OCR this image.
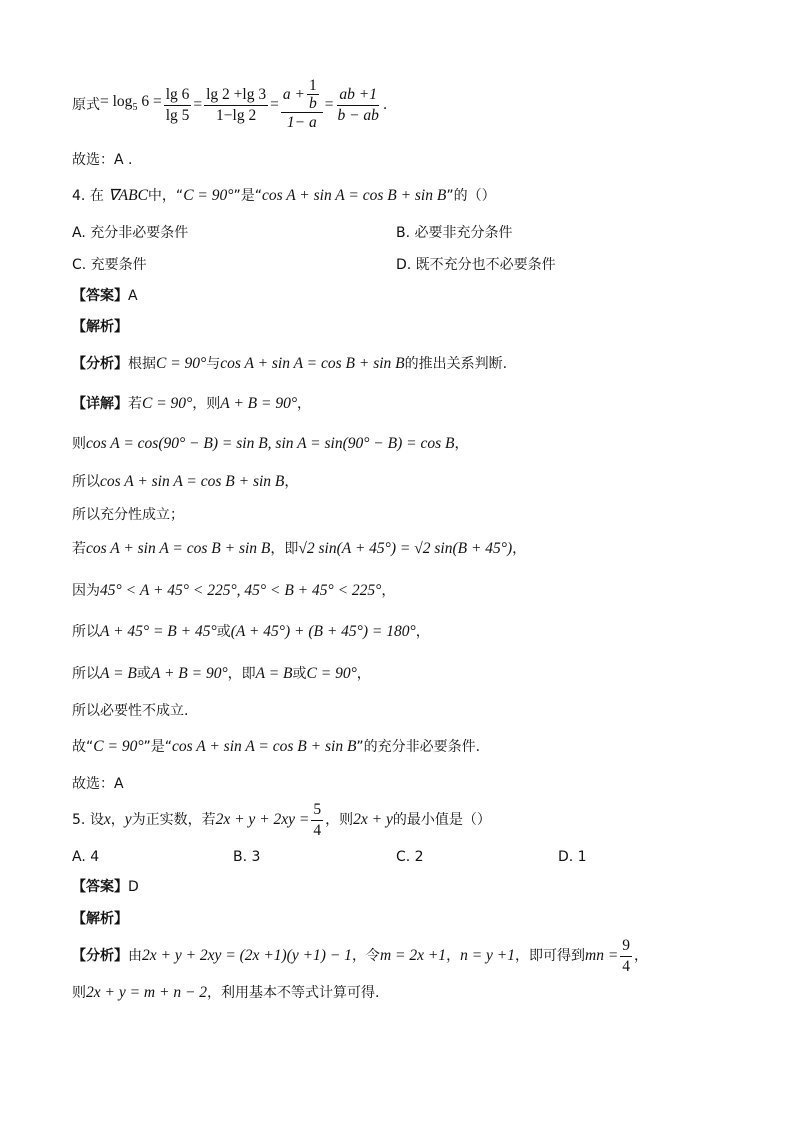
原式 = $\log_5 6 = \frac{\lg 6}{\lg 5} = \frac{\lg 2 +\lg 3}{1-\lg 2} = \frac{a + \frac{1}{b}}{1- a} = \frac{ab +1}{b - ab}$ .
故选：A .
4. 在 ∇ABC中，“C = 90°”是“cos A + sin A = cos B + sin B”的（）
A. 充分非必要条件	B. 必要非充分条件
C. 充要条件	D. 既不充分也不必要条件
【答案】A
【解析】
【分析】根据C = 90°与cos A + sin A = cos B + sin B的推出关系判断.
【详解】若C = 90°，则A + B = 90°，
则cos A = cos(90° − B) = sin B, sin A = sin(90° − B) = cos B，
所以cos A + sin A = cos B + sin B，
所以充分性成立；
若cos A + sin A = cos B + sin B，即√2 sin(A + 45°) = √2 sin(B + 45°)，
因为45° < A + 45° < 225°, 45° < B + 45° < 225°，
所以A + 45° = B + 45°或(A + 45°) + (B + 45°) = 180°，
所以A = B或A + B = 90°，即A = B或C = 90°，
所以必要性不成立.
故“C = 90°”是“cos A + sin A = cos B + sin B”的充分非必要条件.
故选：A
5.
设 x ， y 为正实数，若 $2x + y + 2xy = \frac{5}{4}$ ，则 2x + y 的最小值是（）
A. 4	B. 3	C. 2	D. 1
【答案】D
【解析】
【分析】 由 2x + y + 2xy = (2x +1)(y +1) − 1 ，令 m = 2x +1 ， n = y +1 ，即可得到 mn = $\frac{9}{4}$ ，
则2x + y = m + n − 2，利用基本不等式计算可得.
